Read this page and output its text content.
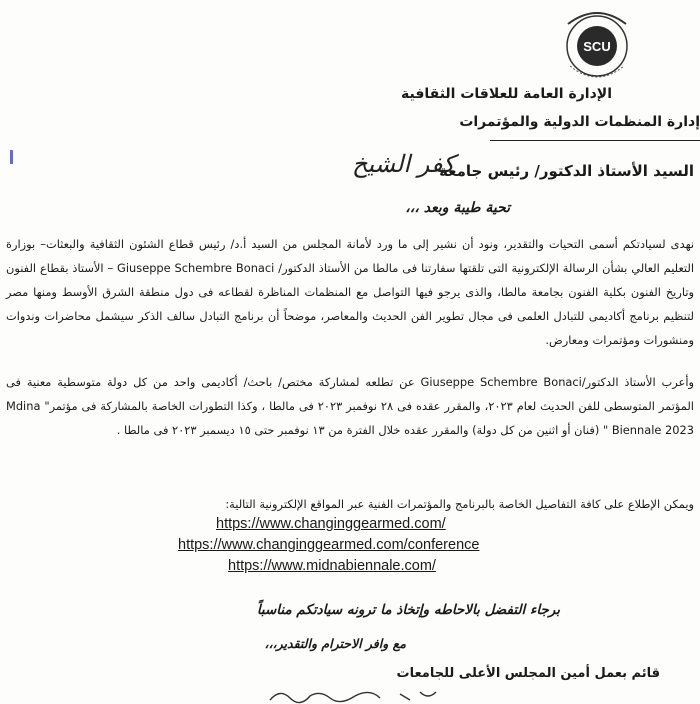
SCU
الإدارة العامة للعلاقات الثقافية
إدارة المنظمات الدولية والمؤتمرات
السيد الأستاذ الدكتور/ رئيس جامعة
كفر الشيخ
تحية طيبة وبعد ،،،
نهدى لسيادتكم أسمى التحيات والتقدير، ونود أن نشير إلى ما ورد لأمانة المجلس من السيد أ.د/ رئيس قطاع الشئون الثقافية والبعثات– بوزارة التعليم العالي بشأن الرسالة الإلكترونية التى تلقتها سفارتنا فى مالطا من الأستاذ الدكتور/ Giuseppe Schembre Bonaci – الأستاذ بقطاع الفنون وتاريخ الفنون بكلية الفنون بجامعة مالطا، والذى يرجو فيها التواصل مع المنظمات المناظرة لقطاعه فى دول منطقة الشرق الأوسط ومنها مصر لتنظيم برنامج أكاديمى للتبادل العلمى فى مجال تطوير الفن الحديث والمعاصر، موضحاً أن برنامج التبادل سالف الذكر سيشمل محاضرات وندوات ومنشورات ومؤتمرات ومعارض.
وأعرب الأستاذ الدكتور/Giuseppe Schembre Bonaci عن تطلعه لمشاركة مختص/ باحث/ أكاديمى واحد من كل دولة متوسطية معنية فى المؤتمر المتوسطى للفن الحديث لعام ٢٠٢٣، والمقرر عقده فى ٢٨ نوفمبر ٢٠٢٣ فى مالطا ، وكذا التطورات الخاصة بالمشاركة فى مؤتمر" Mdina Biennale 2023 " (فنان أو اثنين من كل دولة) والمقرر عقده خلال الفترة من ١٣ نوفمبر حتى ١٥ ديسمبر ٢٠٢٣ فى مالطا .
ويمكن الإطلاع على كافة التفاصيل الخاصة بالبرنامج والمؤتمرات الفنية عبر المواقع الإلكترونية التالية:
https://www.changinggearmed.com/
https://www.changinggearmed.com/conference
https://www.midnabiennale.com/
برجاء التفضل بالاحاطه وإتخاذ ما ترونه سيادتكم مناسباً
مع وافر الاحترام والتقدير،،،
قائم بعمل أمين المجلس الأعلى للجامعات
